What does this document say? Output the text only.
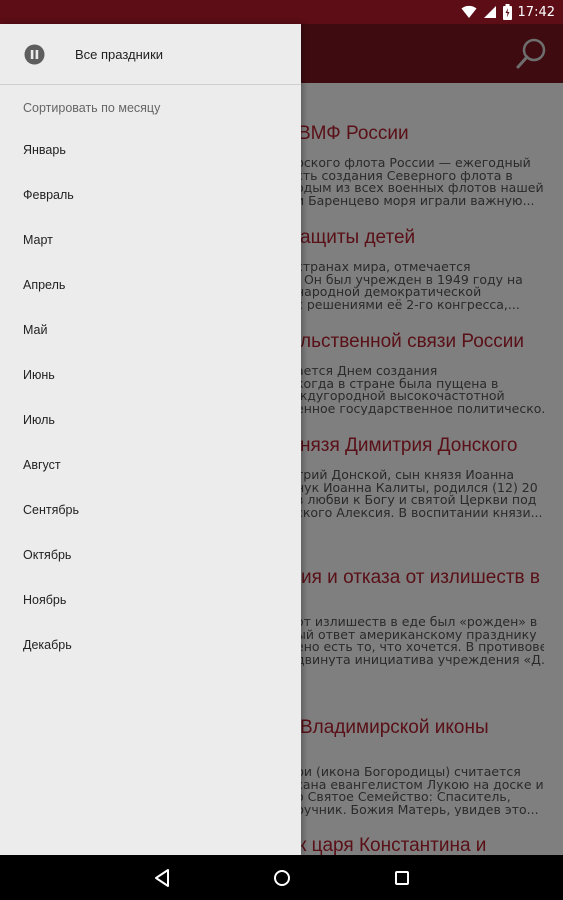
17:42
Все праздники
Сортировать по месяцу
Январь
Февраль
Март
Апрель
Май
Июнь
Июль
Август
Сентябрь
Октябрь
Ноябрь
Декабрь
